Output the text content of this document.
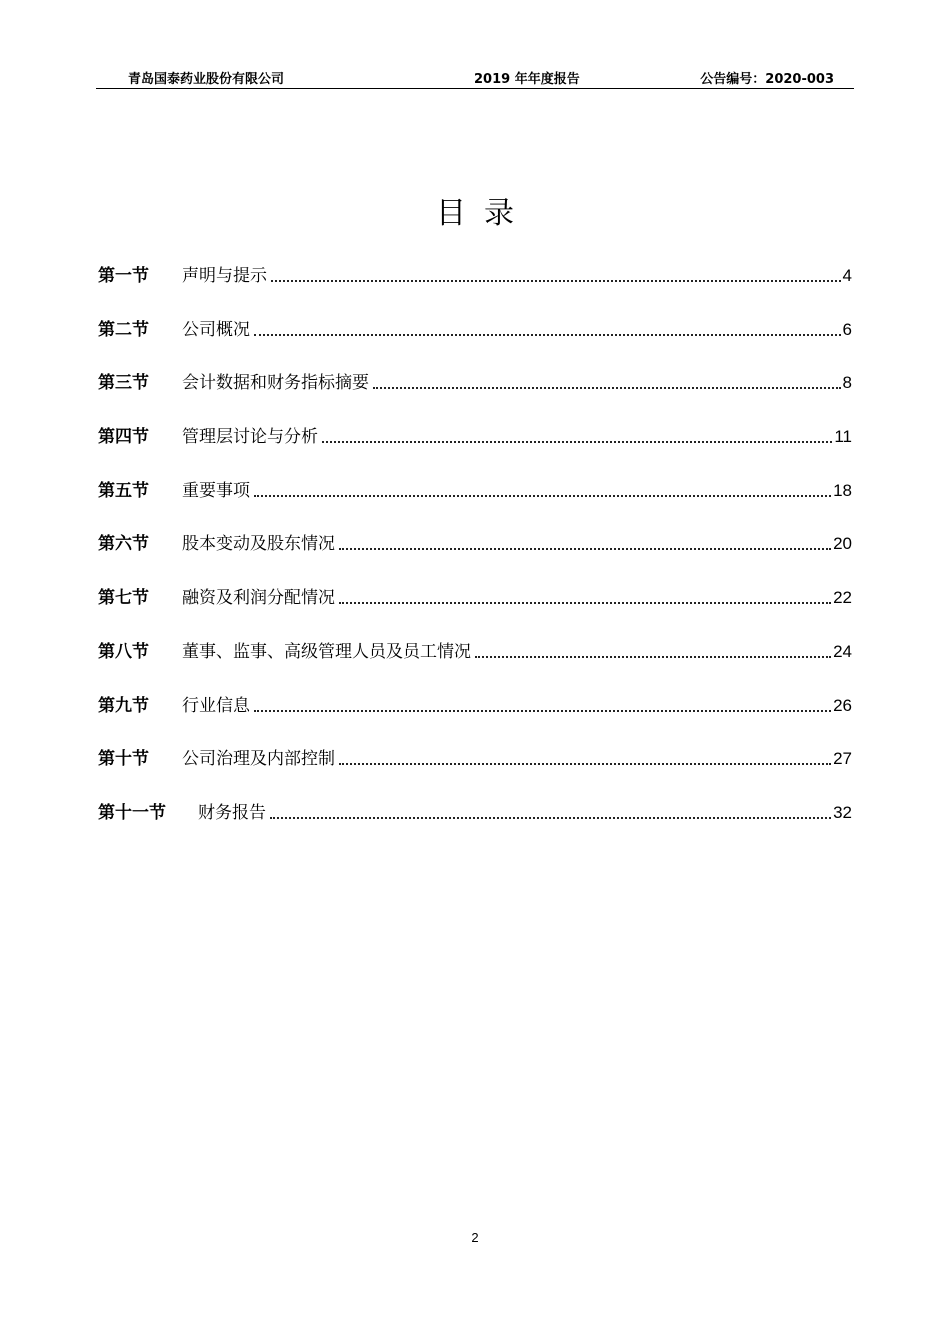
青岛国泰药业股份有限公司	2019 年年度报告	公告编号：2020-003
目录
第一节	声明与提示	4
第二节	公司概况	6
第三节	会计数据和财务指标摘要	8
第四节	管理层讨论与分析	11
第五节	重要事项	18
第六节	股本变动及股东情况	20
第七节	融资及利润分配情况	22
第八节	董事、监事、高级管理人员及员工情况	24
第九节	行业信息	26
第十节	公司治理及内部控制	27
第十一节	财务报告	32
2
